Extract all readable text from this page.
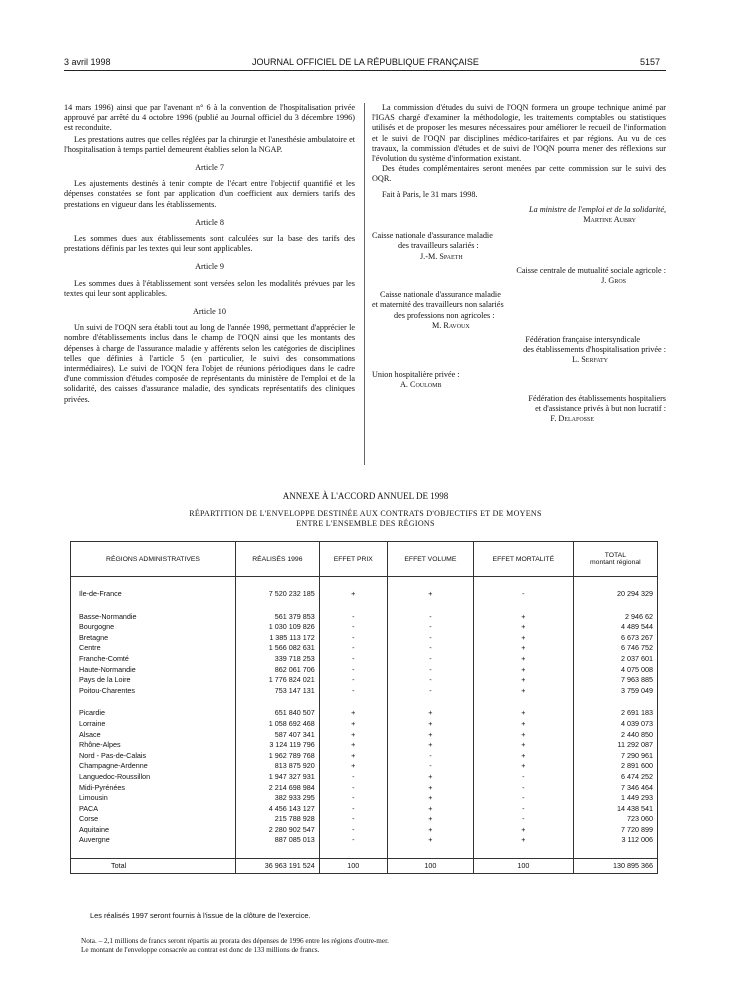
3 avril 1998	JOURNAL OFFICIEL DE LA RÉPUBLIQUE FRANÇAISE	5157

14 mars 1996) ainsi que par l'avenant n° 6 à la convention de l'hospitalisation privée approuvé par arrêté du 4 octobre 1996 (publié au Journal officiel du 3 décembre 1996) est reconduite.

Les prestations autres que celles réglées par la chirurgie et l'anesthésie ambulatoire et l'hospitalisation à temps partiel demeurent établies selon la NGAP.

Article 7

Les ajustements destinés à tenir compte de l'écart entre l'objectif quantifié et les dépenses constatées se font par application d'un coefficient aux derniers tarifs des prestations en vigueur dans les établissements.

Article 8

Les sommes dues aux établissements sont calculées sur la base des tarifs des prestations définis par les textes qui leur sont applicables.

Article 9

Les sommes dues à l'établissement sont versées selon les modalités prévues par les textes qui leur sont applicables.

Article 10

Un suivi de l'OQN sera établi tout au long de l'année 1998, permettant d'apprécier le nombre d'établissements inclus dans le champ de l'OQN ainsi que les montants des dépenses à charge de l'assurance maladie y afférents selon les catégories de disciplines telles que définies à l'article 5 (en particulier, le suivi des consommations intermédiaires). Le suivi de l'OQN fera l'objet de réunions périodiques dans le cadre d'une commission d'études composée de représentants du ministère de l'emploi et de la solidarité, des caisses d'assurance maladie, des syndicats représentatifs des cliniques privées.

La commission d'études du suivi de l'OQN formera un groupe technique animé par l'IGAS chargé d'examiner la méthodologie, les traitements comptables ou statistiques utilisés et de proposer les mesures nécessaires pour améliorer le recueil de l'information et le suivi de l'OQN par disciplines médico-tarifaires et par régions. Au vu de ces travaux, la commission d'études et de suivi de l'OQN pourra mener des réflexions sur l'évolution du système d'information existant.

Des études complémentaires seront menées par cette commission sur le suivi des OQR.

Fait à Paris, le 31 mars 1998.

La ministre de l'emploi et de la solidarité,

Martine Aubry

Caisse nationale d'assurance maladie

des travailleurs salariés :

J.-M. Spaeth

Caisse centrale de mutualité sociale agricole :

J. Gros

Caisse nationale d'assurance maladie

et maternité des travailleurs non salariés

des professions non agricoles :

M. Ravoux

Fédération française intersyndicale

des établissements d'hospitalisation privée :

L. Serfaty

Union hospitalière privée :

A. Coulomb

Fédération des établissements hospitaliers

et d'assistance privés à but non lucratif :

F. Delafosse

ANNEXE À L'ACCORD ANNUEL DE 1998
RÉPARTITION DE L'ENVELOPPE DESTINÉE AUX CONTRATS D'OBJECTIFS ET DE MOYENS
ENTRE L'ENSEMBLE DES RÉGIONS
RÉGIONS ADMINISTRATIVES	RÉALISÉS 1996	EFFET PRIX	EFFET VOLUME	EFFET MORTALITÉ	TOTAL
montant régional

Ile-de-France	7 520 232 185	+	+	-	20 294 329

Basse-Normandie	561 379 853	-	-	+	2 946 62
Bourgogne	1 030 109 826	-	-	+	4 489 544
Bretagne	1 385 113 172	-	-	+	6 673 267
Centre	1 566 082 631	-	-	+	6 746 752
Franche-Comté	339 718 253	-	-	+	2 037 601
Haute-Normandie	862 061 706	-	-	+	4 075 008
Pays de la Loire	1 776 824 021	-	-	+	7 963 885
Poitou-Charentes	753 147 131	-	-	+	3 759 049

Picardie	651 840 507	+	+	+	2 691 183
Lorraine	1 058 692 468	+	+	+	4 039 073
Alsace	587 407 341	+	+	+	2 440 850
Rhône-Alpes	3 124 119 796	+	+	+	11 292 087
Nord - Pas-de-Calais	1 962 789 768	+	-	+	7 290 961
Champagne-Ardenne	813 875 920	+	-	+	2 891 600
Languedoc-Roussillon	1 947 327 931	-	+	-	6 474 252
Midi-Pyrénées	2 214 698 984	-	+	-	7 346 464
Limousin	382 933 295	-	+	-	1 449 293
PACA	4 456 143 127	-	+	-	14 438 541
Corse	215 788 928	-	+	-	723 060
Aquitaine	2 280 902 547	-	+	+	7 720 899
Auvergne	887 085 013	-	+	+	3 112 006

Total	36 963 191 524	100	100	100	130 895 366
Les réalisés 1997 seront fournis à l'issue de la clôture de l'exercice.
Nota. – 2,1 millions de francs seront répartis au prorata des dépenses de 1996 entre les régions d'outre-mer.
Le montant de l'enveloppe consacrée au contrat est donc de 133 millions de francs.
